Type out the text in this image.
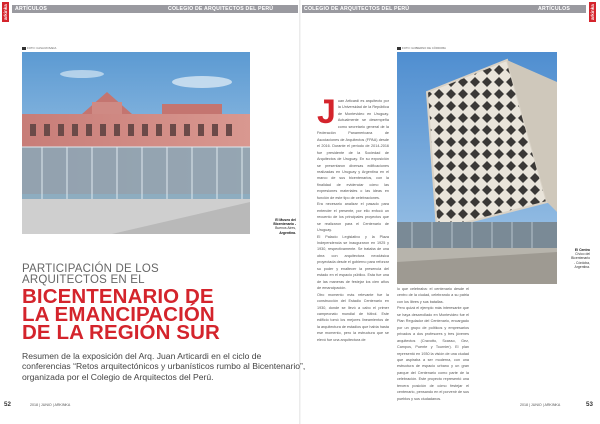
arkinka ARTÍCULOS	COLEGIO DE ARQUITECTOS DEL PERÚ	COLEGIO DE ARQUITECTOS DEL PERÚ	ARTÍCULOS	arkinka
FOTO: CASA ROSADA
El Museo del
Bicentenario -
Buenos Aires,
Argentina.
PARTICIPACIÓN DE LOS
ARQUITECTOS EN EL
BICENTENARIO DE
LA EMANCIPACIÓN
DE LA REGIÓN SUR
Resumen de la exposición del Arq. Juan Articardi en el ciclo de conferencias “Retos arquitectónicos y urbanísticos rumbo al Bicentenario”, organizada por el Colegio de Arquitectos del Perú.
52	2018 | JUNIO | ARKINKA
J uan Articardi es arquitecto por la Universidad de la República de Montevideo en Uruguay. Actualmente se desempeña como secretario general de la Federación Panamericana de Asociaciones de Arquitectos (FPAA) desde el 2016. Durante el periodo de 2014-2016 fue presidente de la Sociedad de Arquitectos de Uruguay. En su exposición se presentaron diversas edificaciones realizadas en Uruguay y Argentina en el marco de sus bicentenarios, con la finalidad de evidenciar cómo las expresiones materiales o las ideas en función de este tipo de celebraciones.

Era necesario analizar el pasado para entender el presente, por ello enfocó un recuento de los principales proyectos que se realizaron para el Centenario de Uruguay.

El Palacio Legislativo y la Plaza Independencia se inauguraron en 1925 y 1930, respectivamente. Se trataba de una obra con arquitectura neoclásica proyectada desde el gobierno para reforzar su poder y enaltecer la presencia del estado en el espacio público. Esta fue una de las maneras de festejar los cien años de emancipación.

Otro momento más relevante fue la construcción del Estadio Centenario en 1930, donde se llevó a cabo el primer campeonato mundial de fútbol. Este edificio tomó los mejores lineamientos de la arquitectura de estadios que había hasta ese momento, pero la estructura que se elevó fue una arquitectura de

FOTO: GOBIERNO DE CÓRDOBA
El Centro
Cívico del
Bicentenario
- Córdoba,
Argentina.

lo que celebraba: el centenario desde el centro de la ciudad, celebrando a su patria con los libres y sus batallas.

Pero quizá el ejemplo más interesante que se haya desarrollado en Montevideo fue el Plan Regulador del Centenario, encargado por un grupo de políticos y empresarios privados a dos profesores y tres jóvenes arquitectos (Cravotto, Scasso, Gez, Campos, Puente y Tournier). El plan representó en 1930 la visión de una ciudad que aspiraba a ser moderna, con una estructura de espacio urbano y un gran parque del Centenario como parte de la celebración. Este proyecto representó una tercera posición de cómo festejar el centenario, pensando en el porvenir de sus pueblos y sus ciudadanos.

2018 | JUNIO | ARKINKA	53
